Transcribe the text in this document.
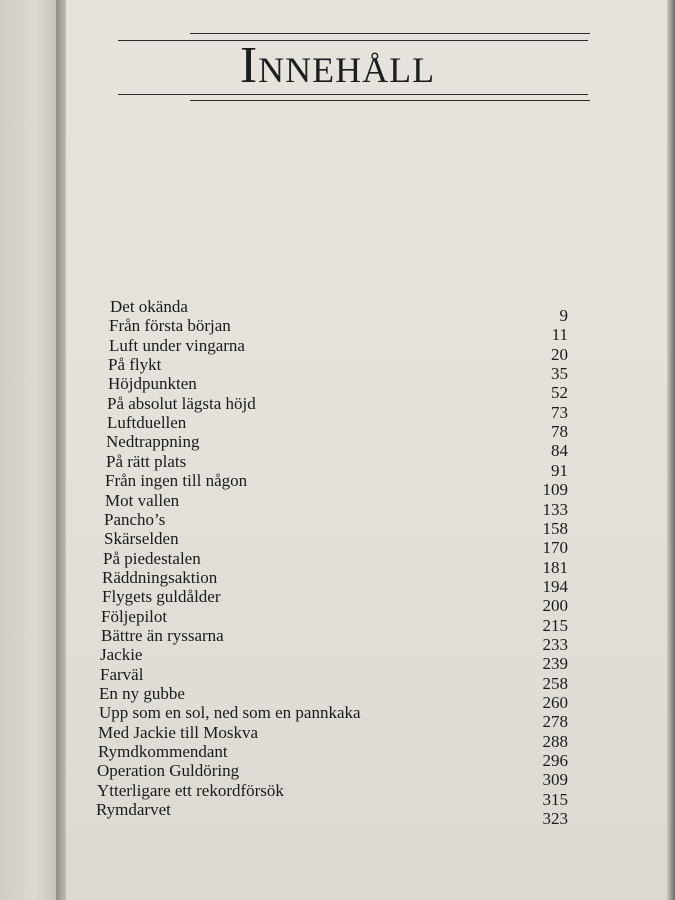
Innehåll
Det okända
Från första början
Luft under vingarna
På flykt
Höjdpunkten
På absolut lägsta höjd
Luftduellen
Nedtrappning
På rätt plats
Från ingen till någon
Mot vallen
Pancho’s
Skärselden
På piedestalen
Räddningsaktion
Flygets guldålder
Följepilot
Bättre än ryssarna
Jackie
Farväl
En ny gubbe
Upp som en sol, ned som en pannkaka
Med Jackie till Moskva
Rymdkommendant
Operation Guldöring
Ytterligare ett rekordförsök
Rymdarvet
9
11
20
35
52
73
78
84
91
109
133
158
170
181
194
200
215
233
239
258
260
278
288
296
309
315
323
